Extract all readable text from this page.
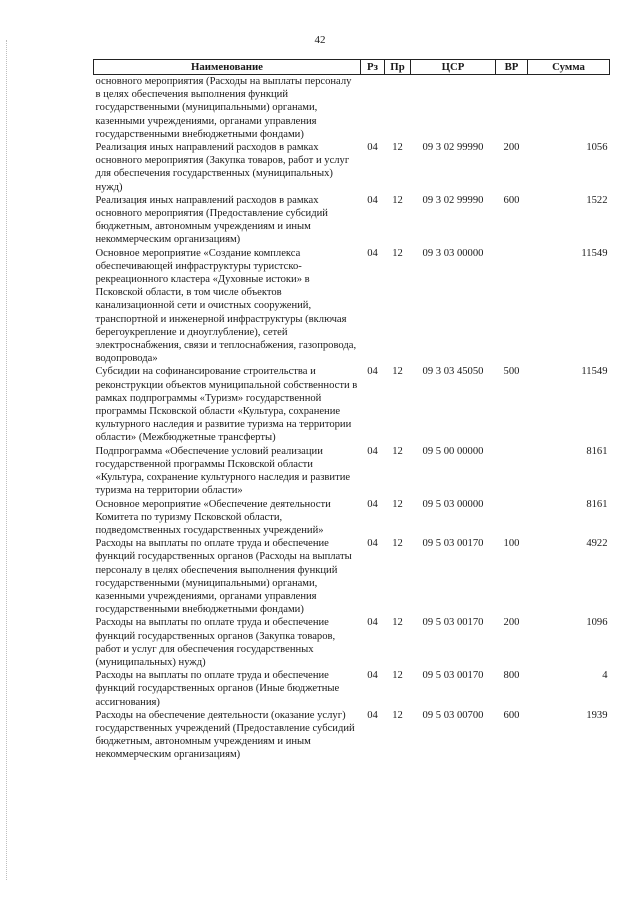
42
Наименование	Рз	Пр	ЦСР	ВР	Сумма
основного мероприятия (Расходы на выплаты персоналу в целях обеспечения выполнения функций государственными (муниципальными) органами, казенными учреждениями, органами управления государственными внебюджетными фондами)					
Реализация иных направлений расходов в рамках основного мероприятия (Закупка товаров, работ и услуг для обеспечения государственных (муниципальных) нужд)	04	12	09 3 02 99990	200	1056
Реализация иных направлений расходов в рамках основного мероприятия (Предоставление субсидий бюджетным, автономным учреждениям и иным некоммерческим организациям)	04	12	09 3 02 99990	600	1522
Основное мероприятие «Создание комплекса обеспечивающей инфраструктуры туристско-рекреационного кластера «Духовные истоки» в Псковской области, в том числе объектов канализационной сети и очистных сооружений, транспортной и инженерной инфраструктуры (включая берегоукрепление и дноуглубление), сетей электроснабжения, связи и теплоснабжения, газопровода, водопровода»	04	12	09 3 03 00000		11549
Субсидии на софинансирование строительства и реконструкции объектов муниципальной собственности в рамках подпрограммы «Туризм» государственной программы Псковской области «Культура, сохранение культурного наследия и развитие туризма на территории области» (Межбюджетные трансферты)	04	12	09 3 03 45050	500	11549
Подпрограмма «Обеспечение условий реализации государственной программы Псковской области «Культура, сохранение культурного наследия и развитие туризма на территории области»	04	12	09 5 00 00000		8161
Основное мероприятие «Обеспечение деятельности Комитета по туризму Псковской области, подведомственных государственных учреждений»	04	12	09 5 03 00000		8161
Расходы на выплаты по оплате труда и обеспечение функций государственных органов (Расходы на выплаты персоналу в целях обеспечения выполнения функций государственными (муниципальными) органами, казенными учреждениями, органами управления государственными внебюджетными фондами)	04	12	09 5 03 00170	100	4922
Расходы на выплаты по оплате труда и обеспечение функций государственных органов (Закупка товаров, работ и услуг для обеспечения государственных (муниципальных) нужд)	04	12	09 5 03 00170	200	1096
Расходы на выплаты по оплате труда и обеспечение функций государственных органов (Иные бюджетные ассигнования)	04	12	09 5 03 00170	800	4
Расходы на обеспечение деятельности (оказание услуг) государственных учреждений (Предоставление субсидий бюджетным, автономным учреждениям и иным некоммерческим организациям)	04	12	09 5 03 00700	600	1939
